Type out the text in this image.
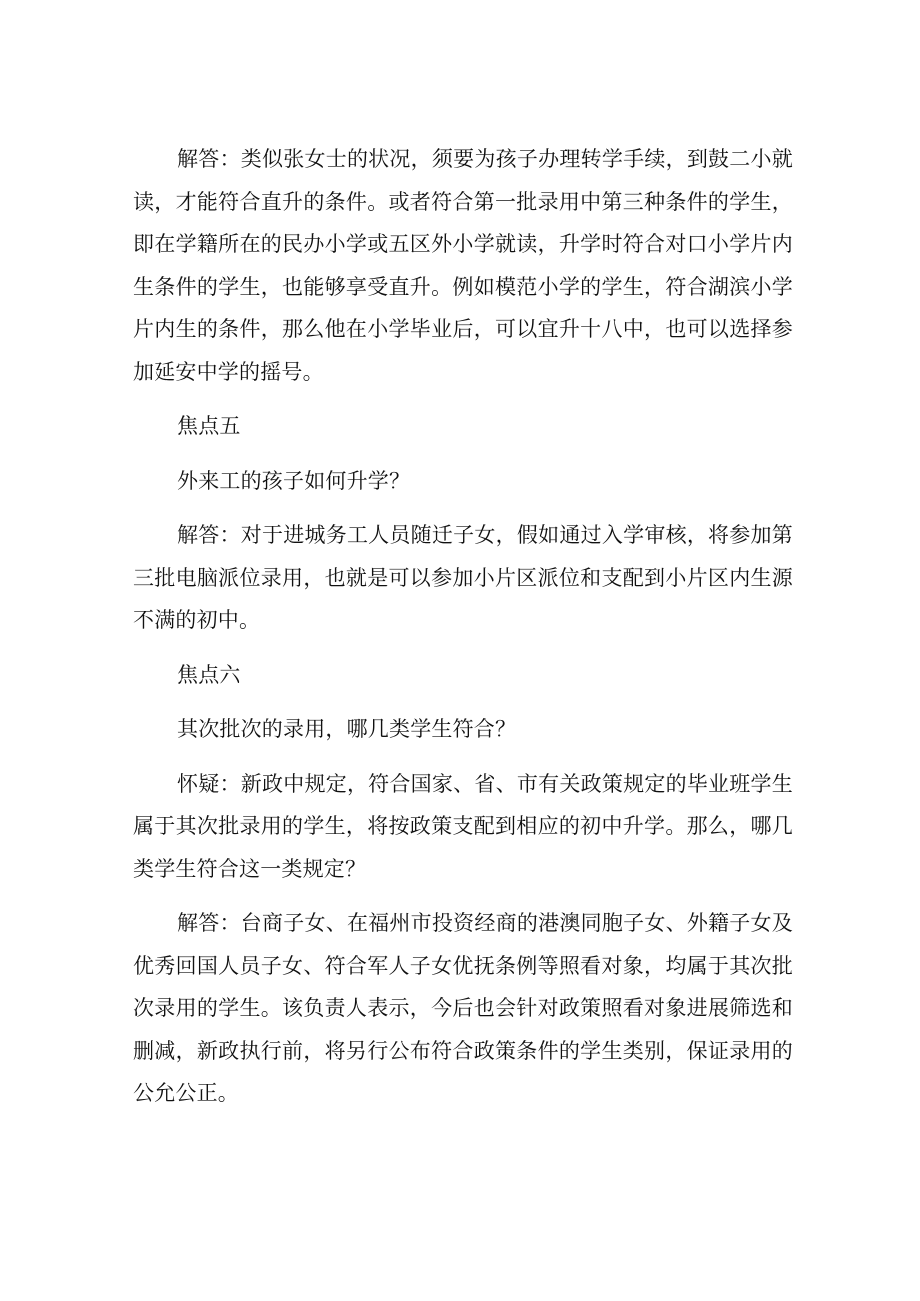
解答：类似张女士的状况，须要为孩子办理转学手续，到鼓二小就读，才能符合直升的条件。或者符合第一批录用中第三种条件的学生，即在学籍所在的民办小学或五区外小学就读，升学时符合对口小学片内生条件的学生，也能够享受直升。例如模范小学的学生，符合湖滨小学片内生的条件，那么他在小学毕业后，可以宜升十八中，也可以选择参加延安中学的摇号。

焦点五

外来工的孩子如何升学？

解答：对于进城务工人员随迁子女，假如通过入学审核，将参加第三批电脑派位录用，也就是可以参加小片区派位和支配到小片区内生源不满的初中。

焦点六

其次批次的录用，哪几类学生符合？

怀疑：新政中规定，符合国家、省、市有关政策规定的毕业班学生属于其次批录用的学生，将按政策支配到相应的初中升学。那么，哪几类学生符合这一类规定？

解答：台商子女、在福州市投资经商的港澳同胞子女、外籍子女及优秀回国人员子女、符合军人子女优抚条例等照看对象，均属于其次批次录用的学生。该负责人表示，今后也会针对政策照看对象进展筛选和删减，新政执行前，将另行公布符合政策条件的学生类别，保证录用的公允公正。
